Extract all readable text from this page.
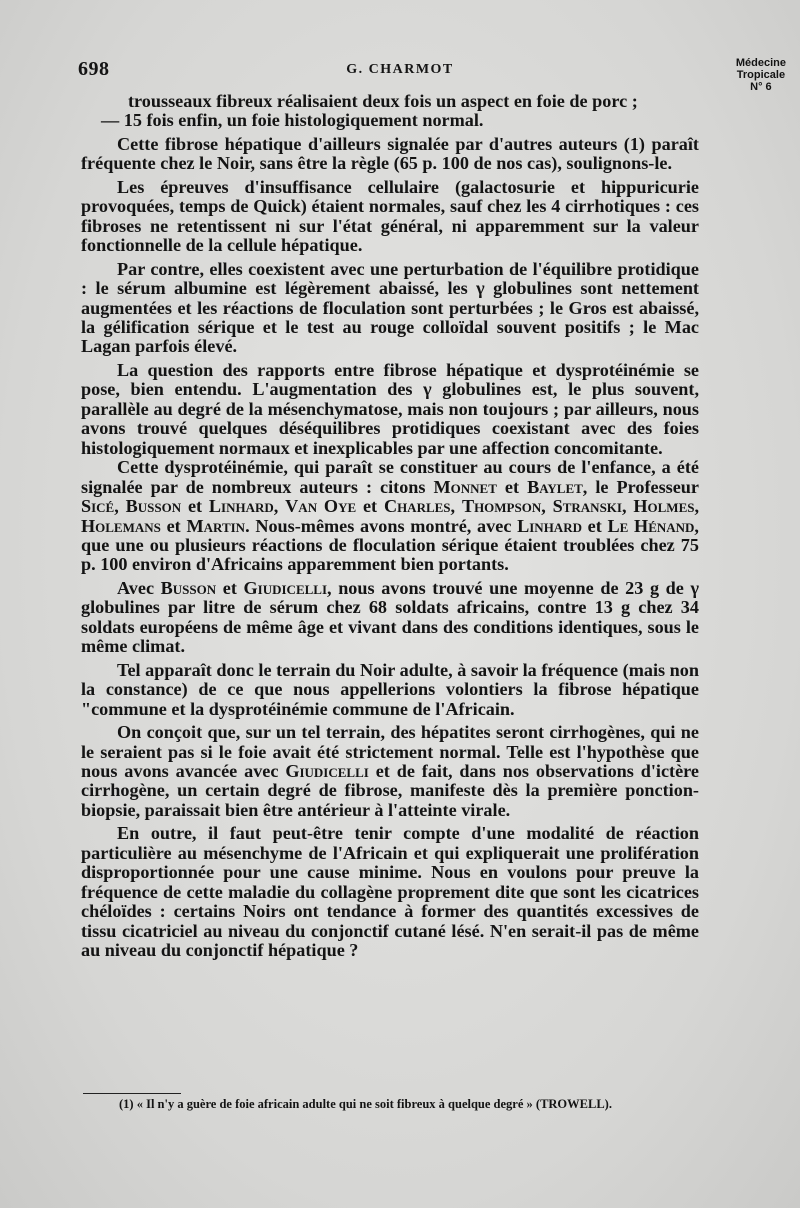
698	G. CHARMOT	Médecine
Tropicale
N° 6

trousseaux fibreux réalisaient deux fois un aspect en foie de porc ;

— 15 fois enfin, un foie histologiquement normal.

Cette fibrose hépatique d'ailleurs signalée par d'autres auteurs (1) paraît fréquente chez le Noir, sans être la règle (65 p. 100 de nos cas), soulignons-le.

Les épreuves d'insuffisance cellulaire (galactosurie et hippuricurie provoquées, temps de Quick) étaient normales, sauf chez les 4 cirrhotiques : ces fibroses ne retentissent ni sur l'état général, ni apparemment sur la valeur fonctionnelle de la cellule hépatique.

Par contre, elles coexistent avec une perturbation de l'équilibre protidique : le sérum albumine est légèrement abaissé, les γ globulines sont nettement augmentées et les réactions de floculation sont perturbées ; le Gros est abaissé, la gélification sérique et le test au rouge colloïdal souvent positifs ; le Mac Lagan parfois élevé.

La question des rapports entre fibrose hépatique et dysprotéinémie se pose, bien entendu. L'augmentation des γ globulines est, le plus souvent, parallèle au degré de la mésenchymatose, mais non toujours ; par ailleurs, nous avons trouvé quelques déséquilibres protidiques coexistant avec des foies histologiquement normaux et inexplicables par une affection concomitante.

Cette dysprotéinémie, qui paraît se constituer au cours de l'enfance, a été signalée par de nombreux auteurs : citons Monnet et Baylet, le Professeur Sicé, Busson et Linhard, Van Oye et Charles, Thompson, Stranski, Holmes, Holemans et Martin. Nous-mêmes avons montré, avec Linhard et Le Hénand, que une ou plusieurs réactions de floculation sérique étaient troublées chez 75 p. 100 environ d'Africains apparemment bien portants.

Avec Busson et Giudicelli, nous avons trouvé une moyenne de 23 g de γ globulines par litre de sérum chez 68 soldats africains, contre 13 g chez 34 soldats européens de même âge et vivant dans des conditions identiques, sous le même climat.

Tel apparaît donc le terrain du Noir adulte, à savoir la fréquence (mais non la constance) de ce que nous appellerions volontiers la fibrose hépatique "commune et la dysprotéinémie commune de l'Africain.

On conçoit que, sur un tel terrain, des hépatites seront cirrhogènes, qui ne le seraient pas si le foie avait été strictement normal. Telle est l'hypothèse que nous avons avancée avec Giudicelli et de fait, dans nos observations d'ictère cirrhogène, un certain degré de fibrose, manifeste dès la première ponction-biopsie, paraissait bien être antérieur à l'atteinte virale.

En outre, il faut peut-être tenir compte d'une modalité de réaction particulière au mésenchyme de l'Africain et qui expliquerait une prolifération disproportionnée pour une cause minime. Nous en voulons pour preuve la fréquence de cette maladie du collagène proprement dite que sont les cicatrices chéloïdes : certains Noirs ont tendance à former des quantités excessives de tissu cicatriciel au niveau du conjonctif cutané lésé. N'en serait-il pas de même au niveau du conjonctif hépatique ?

(1) « Il n'y a guère de foie africain adulte qui ne soit fibreux à quelque degré » (TROWELL).
